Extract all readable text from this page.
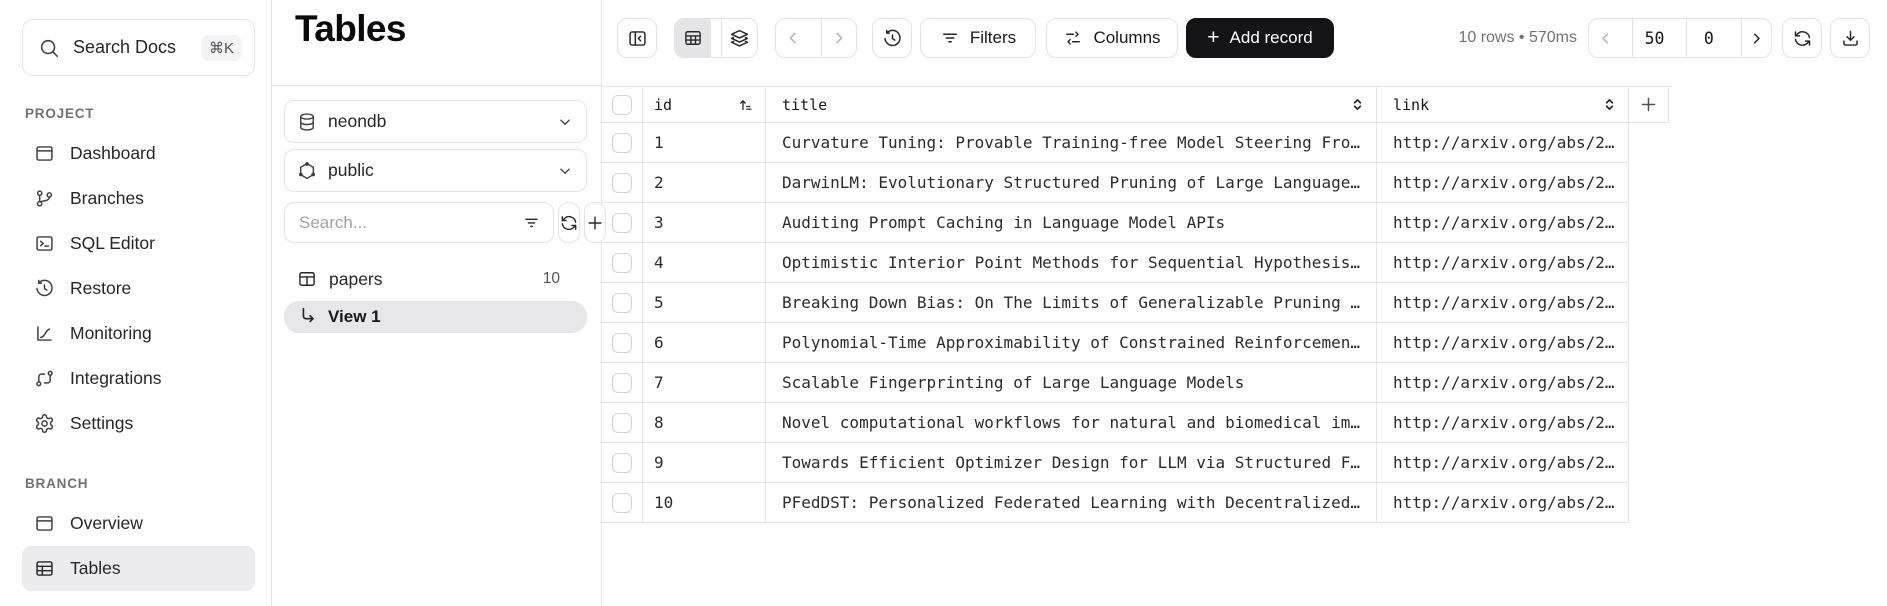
Search Docs	⌘K
PROJECT
Dashboard
Branches
SQL Editor
Restore
Monitoring
Integrations
Settings
BRANCH
Overview
Tables
Tables
neondb
public
Search...
papers	10
View 1
Filters	Columns + Add record	10 rows • 570ms	50	0
id	title	link
1	Curvature Tuning: Provable Training-free Model Steering Fro…	http://arxiv.org/abs/2…
2	DarwinLM: Evolutionary Structured Pruning of Large Language…	http://arxiv.org/abs/2…
3	Auditing Prompt Caching in Language Model APIs	http://arxiv.org/abs/2…
4	Optimistic Interior Point Methods for Sequential Hypothesis…	http://arxiv.org/abs/2…
5	Breaking Down Bias: On The Limits of Generalizable Pruning …	http://arxiv.org/abs/2…
6	Polynomial-Time Approximability of Constrained Reinforcemen…	http://arxiv.org/abs/2…
7	Scalable Fingerprinting of Large Language Models	http://arxiv.org/abs/2…
8	Novel computational workflows for natural and biomedical im…	http://arxiv.org/abs/2…
9	Towards Efficient Optimizer Design for LLM via Structured F…	http://arxiv.org/abs/2…
10	PFedDST: Personalized Federated Learning with Decentralized…	http://arxiv.org/abs/2…
